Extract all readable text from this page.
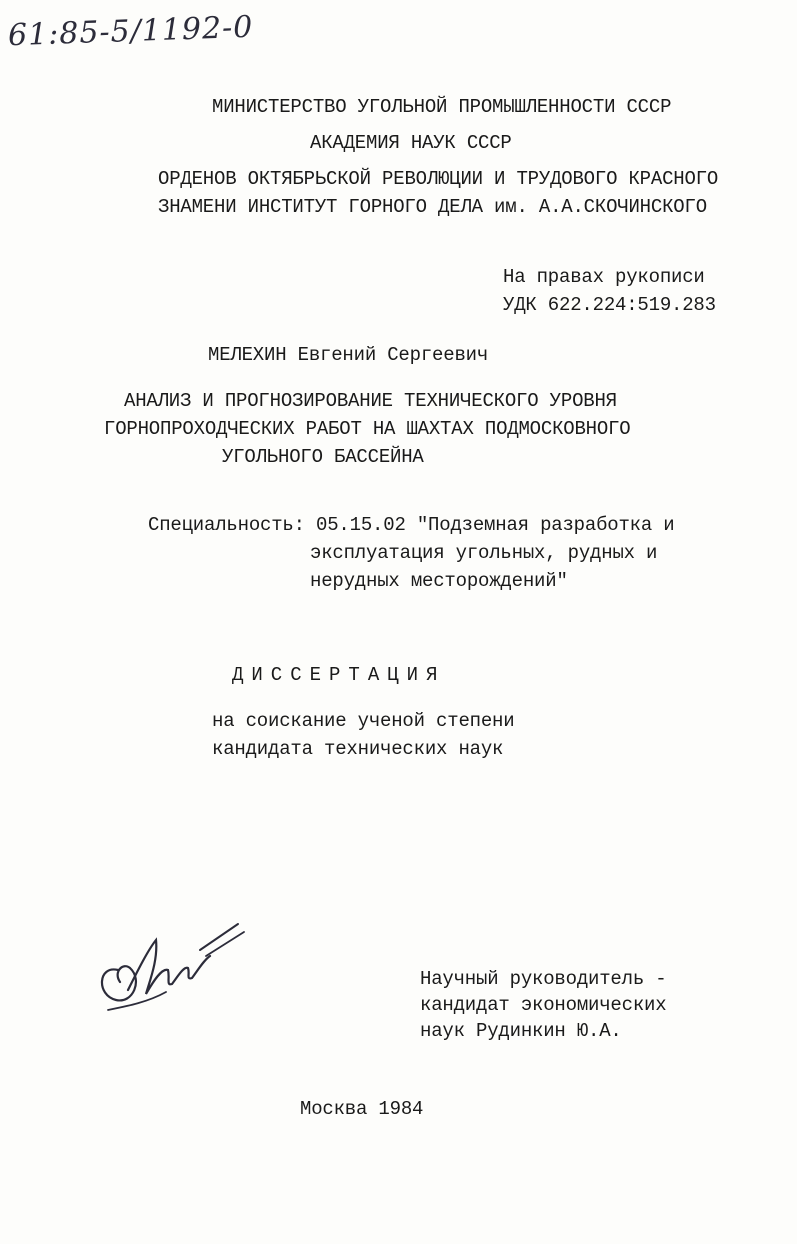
61:85-5/1192-0
МИНИСТЕРСТВО УГОЛЬНОЙ ПРОМЫШЛЕННОСТИ СССР
АКАДЕМИЯ НАУК СССР
ОРДЕНОВ ОКТЯБРЬСКОЙ РЕВОЛЮЦИИ И ТРУДОВОГО КРАСНОГО
ЗНАМЕНИ ИНСТИТУТ ГОРНОГО ДЕЛА им. А.А.СКОЧИНСКОГО
На правах рукописи
УДК 622.224:519.283
МЕЛЕХИН Евгений Сергеевич
АНАЛИЗ И ПРОГНОЗИРОВАНИЕ ТЕХНИЧЕСКОГО УРОВНЯ
ГОРНОПРОХОДЧЕСКИХ РАБОТ НА ШАХТАХ ПОДМОСКОВНОГО
УГОЛЬНОГО БАССЕЙНА
Специальность: 05.15.02 "Подземная разработка и
эксплуатация угольных, рудных и
нерудных месторождений"
ДИССЕРТАЦИЯ
на соискание ученой степени
кандидата технических наук
Научный руководитель -
кандидат экономических
наук Рудинкин Ю.А.
Москва 1984
